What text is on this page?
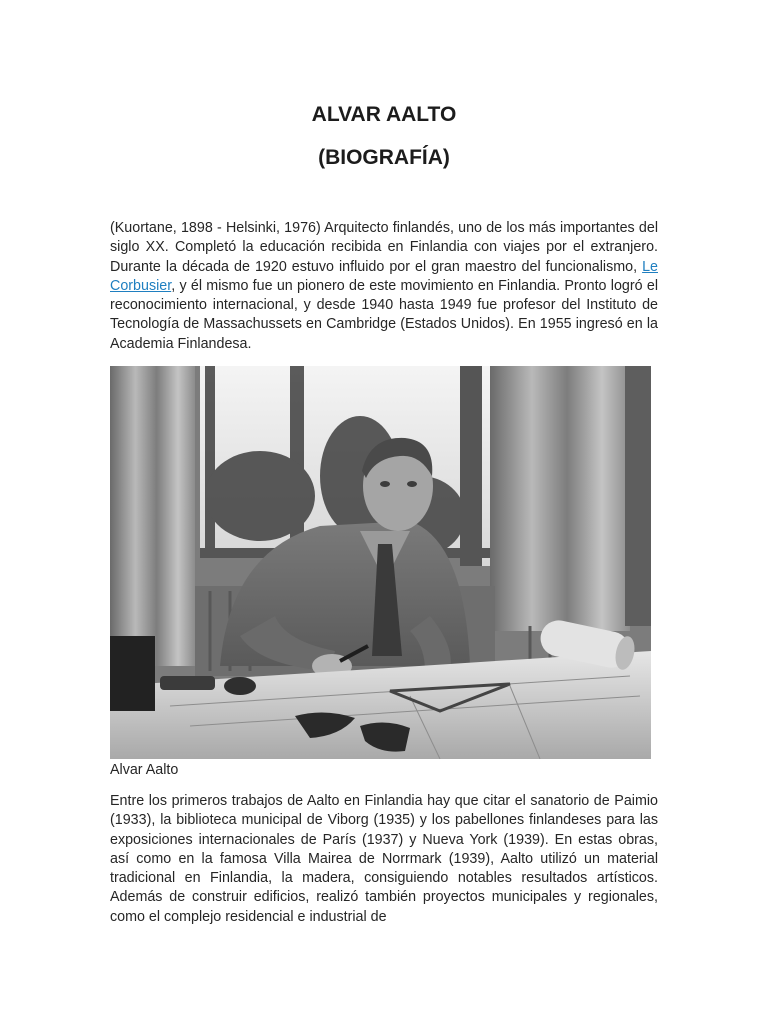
ALVAR AALTO
(BIOGRAFÍA)
(Kuortane, 1898 - Helsinki, 1976) Arquitecto finlandés, uno de los más importantes del siglo XX. Completó la educación recibida en Finlandia con viajes por el extranjero. Durante la década de 1920 estuvo influido por el gran maestro del funcionalismo, Le Corbusier, y él mismo fue un pionero de este movimiento en Finlandia. Pronto logró el reconocimiento internacional, y desde 1940 hasta 1949 fue profesor del Instituto de Tecnología de Massachussets en Cambridge (Estados Unidos). En 1955 ingresó en la Academia Finlandesa.
Alvar Aalto
Entre los primeros trabajos de Aalto en Finlandia hay que citar el sanatorio de Paimio (1933), la biblioteca municipal de Viborg (1935) y los pabellones finlandeses para las exposiciones internacionales de París (1937) y Nueva York (1939). En estas obras, así como en la famosa Villa Mairea de Norrmark (1939), Aalto utilizó un material tradicional en Finlandia, la madera, consiguiendo notables resultados artísticos. Además de construir edificios, realizó también proyectos municipales y regionales, como el complejo residencial e industrial de
